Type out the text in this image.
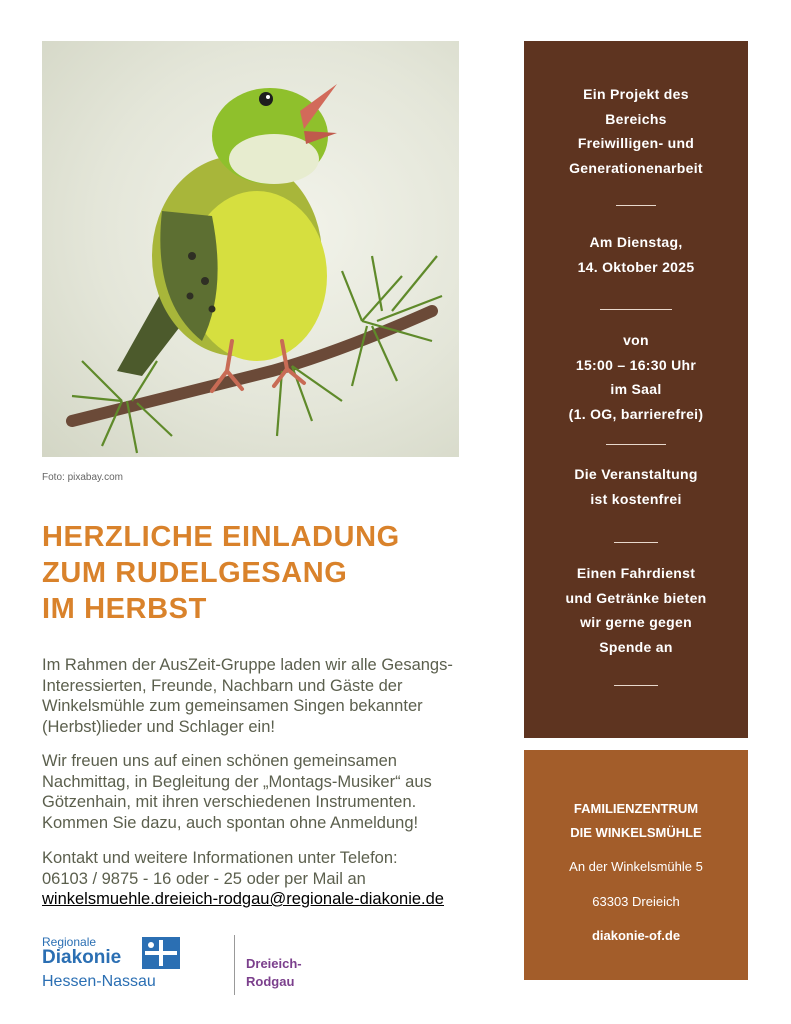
Foto: pixabay.com
HERZLICHE EINLADUNG
ZUM RUDELGESANG
IM HERBST
Im Rahmen der AusZeit-Gruppe laden wir alle Gesangs-
Interessierten, Freunde, Nachbarn und Gäste der
Winkelsmühle zum gemeinsamen Singen bekannter
(Herbst)lieder und Schlager ein!
Wir freuen uns auf einen schönen gemeinsamen
Nachmittag, in Begleitung der „Montags-Musiker“ aus
Götzenhain, mit ihren verschiedenen Instrumenten.
Kommen Sie dazu, auch spontan ohne Anmeldung!
Kontakt und weitere Informationen unter Telefon:
06103 / 9875 - 16 oder - 25 oder per Mail an
winkelsmuehle.dreieich-rodgau@regionale-diakonie.de
Regionale
Diakonie
Hessen-Nassau
Dreieich-
Rodgau
Ein Projekt des
Bereichs
Freiwilligen- und
Generationenarbeit
Am Dienstag,
14. Oktober 2025
von
15:00 – 16:30 Uhr
im Saal
(1. OG, barrierefrei)
Die Veranstaltung
ist kostenfrei
Einen Fahrdienst
und Getränke bieten
wir gerne gegen
Spende an
FAMILIENZENTRUM
DIE WINKELSMÜHLE
An der Winkelsmühle 5
63303 Dreieich
diakonie-of.de
